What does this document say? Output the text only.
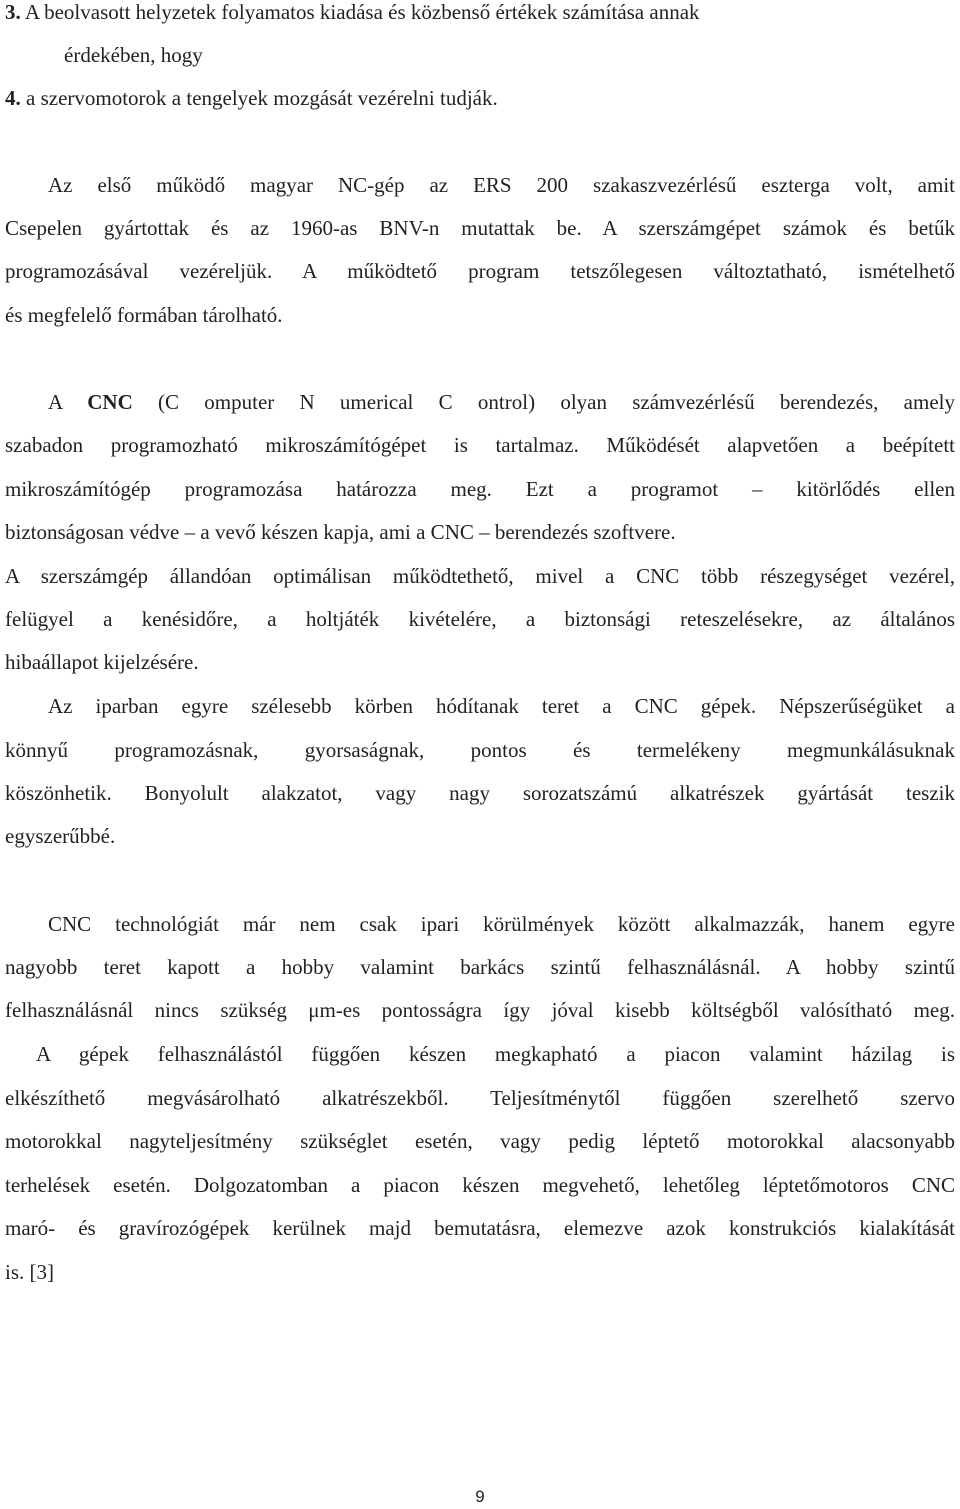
3. A beolvasott helyzetek folyamatos kiadása és közbenső értékek számítása annak
érdekében, hogy
4. a szervomotorok a tengelyek mozgását vezérelni tudják.
Az első működő magyar NC-gép az ERS 200 szakaszvezérlésű eszterga volt, amit
Csepelen gyártottak és az 1960-as BNV-n mutattak be. A szerszámgépet számok és betűk
programozásával vezéreljük. A működtető program tetszőlegesen változtatható, ismételhető
és megfelelő formában tárolható.
A CNC (C omputer N umerical C ontrol) olyan számvezérlésű berendezés, amely
szabadon programozható mikroszámítógépet is tartalmaz. Működését alapvetően a beépített
mikroszámítógép programozása határozza meg. Ezt a programot – kitörlődés ellen
biztonságosan védve – a vevő készen kapja, ami a CNC – berendezés szoftvere.
A szerszámgép állandóan optimálisan működtethető, mivel a CNC több részegységet vezérel,
felügyel a kenésidőre, a holtjáték kivételére, a biztonsági reteszelésekre, az általános
hibaállapot kijelzésére.
Az iparban egyre szélesebb körben hódítanak teret a CNC gépek. Népszerűségüket a
könnyű programozásnak, gyorsaságnak, pontos és termelékeny megmunkálásuknak
köszönhetik. Bonyolult alakzatot, vagy nagy sorozatszámú alkatrészek gyártását teszik
egyszerűbbé.
CNC technológiát már nem csak ipari körülmények között alkalmazzák, hanem egyre
nagyobb teret kapott a hobby valamint barkács szintű felhasználásnál. A hobby szintű
felhasználásnál nincs szükség μm-es pontosságra így jóval kisebb költségből valósítható meg.
A gépek felhasználástól függően készen megkapható a piacon valamint házilag is
elkészíthető megvásárolható alkatrészekből. Teljesítménytől függően szerelhető szervo
motorokkal nagyteljesítmény szükséglet esetén, vagy pedig léptető motorokkal alacsonyabb
terhelések esetén. Dolgozatomban a piacon készen megvehető, lehetőleg léptetőmotoros CNC
maró- és gravírozógépek kerülnek majd bemutatásra, elemezve azok konstrukciós kialakítását
is. [3]
9
